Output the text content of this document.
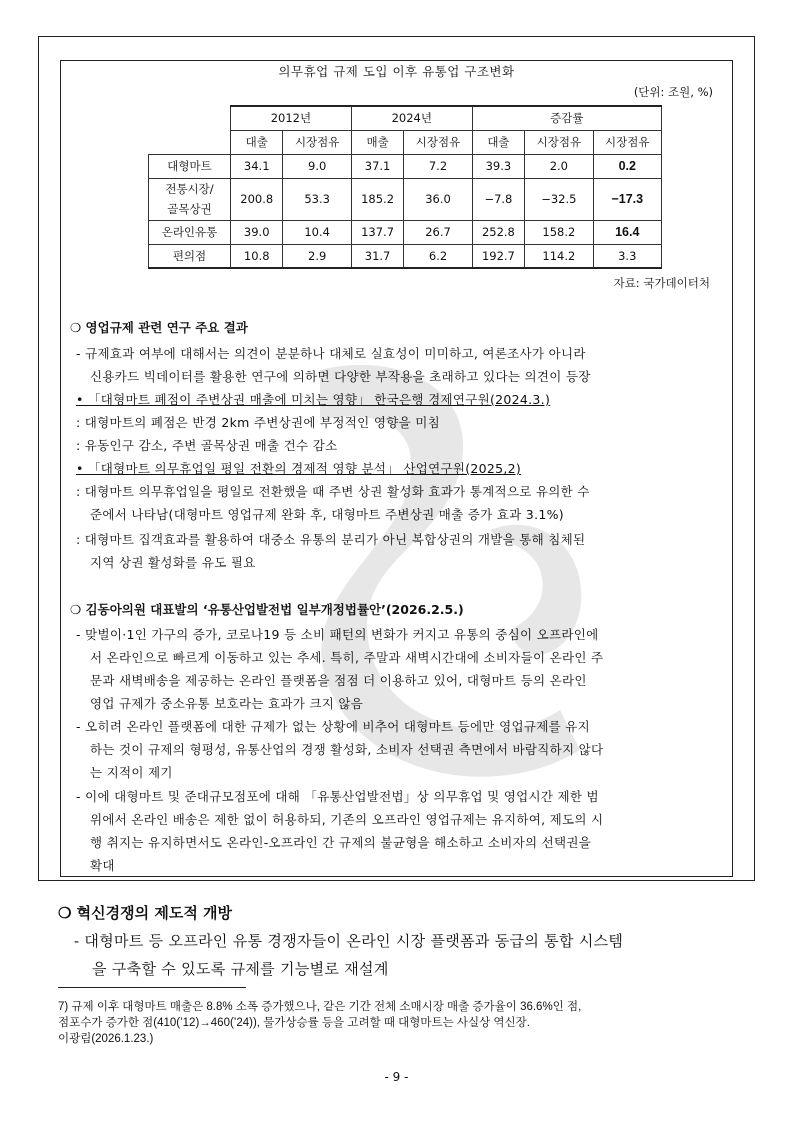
의무휴업 규제 도입 이후 유통업 구조변화
(단위: 조원, %)
	2012년		2024년		증감률		
	대출	시장점유	매출	시장점유	대출	시장점유	시장점유
대형마트	34.1	9.0	37.1	7.2	39.3	2.0	0.2
전통시장/
골목상권	200.8	53.3	185.2	36.0	−7.8	−32.5	−17.3
온라인유통	39.0	10.4	137.7	26.7	252.8	158.2	16.4
편의점	10.8	2.9	31.7	6.2	192.7	114.2	3.3
자료: 국가데이터처
❍ 영업규제 관련 연구 주요 결과
- 규제효과 여부에 대해서는 의견이 분분하나 대체로 실효성이 미미하고, 여론조사가 아니라
신용카드 빅데이터를 활용한 연구에 의하면 다양한 부작용을 초래하고 있다는 의견이 등장
• 「대형마트 폐점이 주변상권 매출에 미치는 영향」 한국은행 경제연구원(2024.3.)
: 대형마트의 폐점은 반경 2km 주변상권에 부정적인 영향을 미침
: 유동인구 감소, 주변 골목상권 매출 건수 감소
• 「대형마트 의무휴업일 평일 전환의 경제적 영향 분석」 산업연구원(2025,2)
: 대형마트 의무휴업일을 평일로 전환했을 때 주변 상권 활성화 효과가 통계적으로 유의한 수
준에서 나타남(대형마트 영업규제 완화 후, 대형마트 주변상권 매출 증가 효과 3.1%)
: 대형마트 집객효과를 활용하여 대중소 유통의 분리가 아닌 복합상권의 개발을 통해 침체된
지역 상권 활성화를 유도 필요
❍ 김동아의원 대표발의 ‘유통산업발전법 일부개정법률안’(2026.2.5.)
- 맞벌이·1인 가구의 증가, 코로나19 등 소비 패턴의 변화가 커지고 유통의 중심이 오프라인에
서 온라인으로 빠르게 이동하고 있는 추세. 특히, 주말과 새벽시간대에 소비자들이 온라인 주
문과 새벽배송을 제공하는 온라인 플랫폼을 점점 더 이용하고 있어, 대형마트 등의 온라인
영업 규제가 중소유통 보호라는 효과가 크지 않음
- 오히려 온라인 플랫폼에 대한 규제가 없는 상황에 비추어 대형마트 등에만 영업규제를 유지
하는 것이 규제의 형평성, 유통산업의 경쟁 활성화, 소비자 선택권 측면에서 바람직하지 않다
는 지적이 제기
- 이에 대형마트 및 준대규모점포에 대해 「유통산업발전법」상 의무휴업 및 영업시간 제한 범
위에서 온라인 배송은 제한 없이 허용하되, 기존의 오프라인 영업규제는 유지하여, 제도의 시
행 취지는 유지하면서도 온라인-오프라인 간 규제의 불균형을 해소하고 소비자의 선택권을
확대
❍ 혁신경쟁의 제도적 개방
- 대형마트 등 오프라인 유통 경쟁자들이 온라인 시장 플랫폼과 동급의 통합 시스템
을 구축할 수 있도록 규제를 기능별로 재설계
7) 규제 이후 대형마트 매출은 8.8% 소폭 증가했으나, 같은 기간 전체 소매시장 매출 증가율이 36.6%인 점,
점포수가 증가한 점(410(’12)→460(’24)), 물가상승률 등을 고려할 때 대형마트는 사실상 역신장.
이광림(2026.1.23.)
- 9 -
